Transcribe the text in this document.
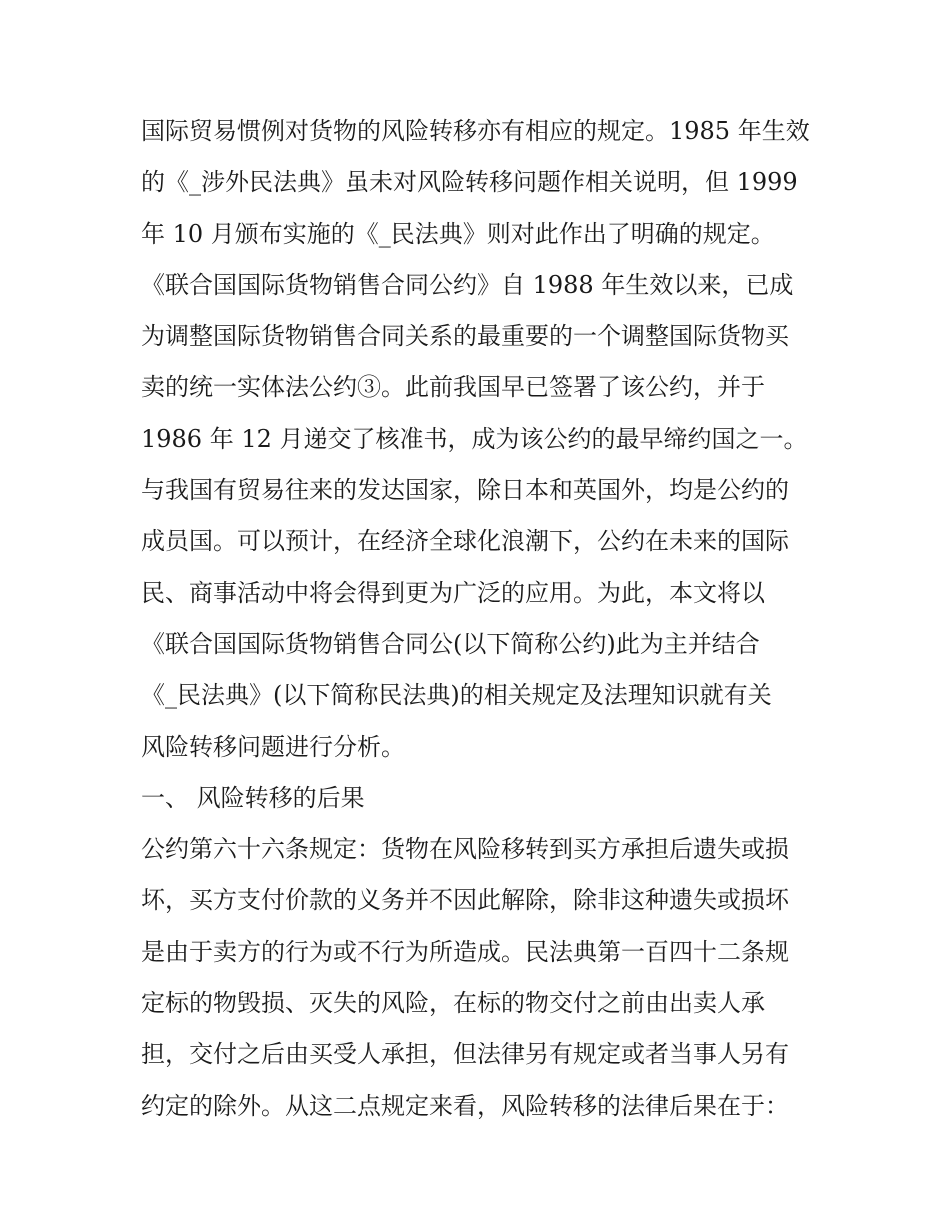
国际贸易惯例对货物的风险转移亦有相应的规定。1985 年生效
的《_涉外民法典》虽未对风险转移问题作相关说明，但 1999
年 10 月颁布实施的《_民法典》则对此作出了明确的规定。
《联合国国际货物销售合同公约》自 1988 年生效以来，已成
为调整国际货物销售合同关系的最重要的一个调整国际货物买
卖的统一实体法公约③。此前我国早已签署了该公约，并于
1986 年 12 月递交了核准书，成为该公约的最早缔约国之一。
与我国有贸易往来的发达国家，除日本和英国外，均是公约的
成员国。可以预计，在经济全球化浪潮下，公约在未来的国际
民、商事活动中将会得到更为广泛的应用。为此，本文将以
《联合国国际货物销售合同公(以下简称公约)此为主并结合
《_民法典》(以下简称民法典)的相关规定及法理知识就有关
风险转移问题进行分析。
一、 风险转移的后果
公约第六十六条规定：货物在风险移转到买方承担后遗失或损
坏，买方支付价款的义务并不因此解除，除非这种遗失或损坏
是由于卖方的行为或不行为所造成。民法典第一百四十二条规
定标的物毁损、灭失的风险，在标的物交付之前由出卖人承
担，交付之后由买受人承担，但法律另有规定或者当事人另有
约定的除外。从这二点规定来看，风险转移的法律后果在于：
